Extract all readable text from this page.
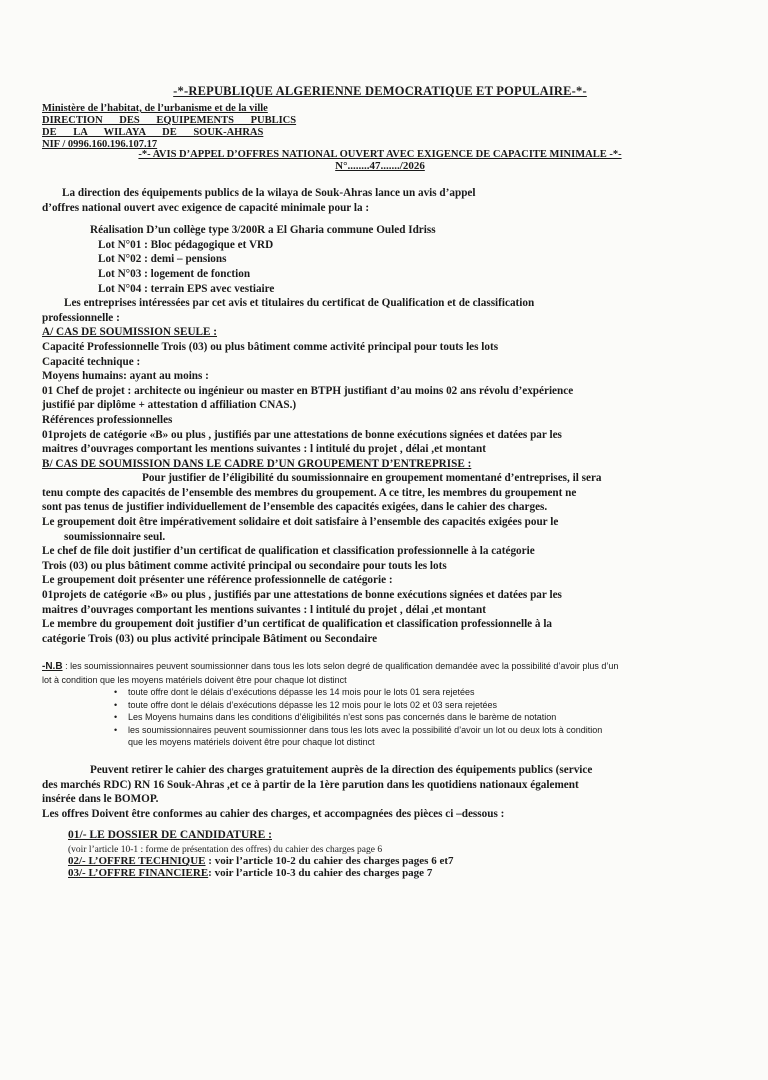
-*-REPUBLIQUE ALGERIENNE DEMOCRATIQUE ET POPULAIRE-*-
Ministère de l’habitat, de l’urbanisme et de la ville
DIRECTION DES EQUIPEMENTS PUBLICS
DE LA WILAYA DE SOUK-AHRAS
NIF / 0996.160.196.107.17
-*- AVIS D’APPEL D’OFFRES NATIONAL OUVERT AVEC EXIGENCE DE CAPACITE MINIMALE -*-
N°........47......./2026
La direction des équipements publics de la wilaya de Souk-Ahras lance un avis d’appel
d’offres national ouvert avec exigence de capacité minimale pour la :
Réalisation D’un collège type 3/200R a El Gharia commune Ouled Idriss
Lot N°01 : Bloc pédagogique et VRD
Lot N°02 : demi – pensions
Lot N°03 : logement de fonction
Lot N°04 : terrain EPS avec vestiaire
Les entreprises intéressées par cet avis et titulaires du certificat de Qualification et de classification
professionnelle :
A/ CAS DE SOUMISSION SEULE :
Capacité Professionnelle Trois (03) ou plus bâtiment comme activité principal pour touts les lots
Capacité technique :
Moyens humains: ayant au moins :
01 Chef de projet : architecte ou ingénieur ou master en BTPH justifiant d’au moins 02 ans révolu d’expérience
justifié par diplôme + attestation d affiliation CNAS.)
Références professionnelles
01projets de catégorie «B» ou plus , justifiés par une attestations de bonne exécutions signées et datées par les
maitres d’ouvrages comportant les mentions suivantes : l intitulé du projet , délai ,et montant
B/ CAS DE SOUMISSION DANS LE CADRE D’UN GROUPEMENT D’ENTREPRISE :
Pour justifier de l’éligibilité du soumissionnaire en groupement momentané d’entreprises, il sera
tenu compte des capacités de l’ensemble des membres du groupement. A ce titre, les membres du groupement ne
sont pas tenus de justifier individuellement de l’ensemble des capacités exigées, dans le cahier des charges.
Le groupement doit être impérativement solidaire et doit satisfaire à l’ensemble des capacités exigées pour le
soumissionnaire seul.
Le chef de file doit justifier d’un certificat de qualification et classification professionnelle à la catégorie
Trois (03) ou plus bâtiment comme activité principal ou secondaire pour touts les lots
Le groupement doit présenter une référence professionnelle de catégorie :
01projets de catégorie «B» ou plus , justifiés par une attestations de bonne exécutions signées et datées par les
maitres d’ouvrages comportant les mentions suivantes : l intitulé du projet , délai ,et montant
Le membre du groupement doit justifier d’un certificat de qualification et classification professionnelle à la
catégorie Trois (03) ou plus activité principale Bâtiment ou Secondaire
-N.B : les soumissionnaires peuvent soumissionner dans tous les lots selon degré de qualification demandée avec la possibilité d’avoir plus d’un
lot à condition que les moyens matériels doivent être pour chaque lot distinct
• toute offre dont le délais d’exécutions dépasse les 14 mois pour le lots 01 sera rejetées
• toute offre dont le délais d’exécutions dépasse les 12 mois pour le lots 02 et 03 sera rejetées
• Les Moyens humains dans les conditions d’éligibilités n’est sons pas concernés dans le barème de notation
• les soumissionnaires peuvent soumissionner dans tous les lots avec la possibilité d’avoir un lot ou deux lots à condition
que les moyens matériels doivent être pour chaque lot distinct
Peuvent retirer le cahier des charges gratuitement auprès de la direction des équipements publics (service
des marchés RDC) RN 16 Souk-Ahras ,et ce à partir de la 1ère parution dans les quotidiens nationaux également
insérée dans le BOMOP.
Les offres Doivent être conformes au cahier des charges, et accompagnées des pièces ci –dessous :
01/- LE DOSSIER DE CANDIDATURE :
(voir l’article 10-1 : forme de présentation des offres) du cahier des charges page 6
02/- L’OFFRE TECHNIQUE : voir l’article 10-2 du cahier des charges pages 6 et7
03/- L’OFFRE FINANCIERE: voir l’article 10-3 du cahier des charges page 7
